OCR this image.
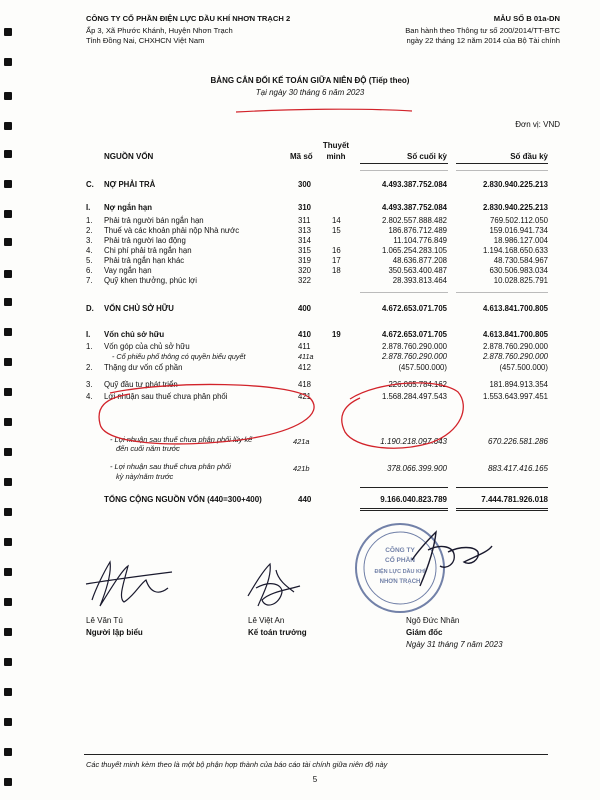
CÔNG TY CỔ PHẦN ĐIỆN LỰC DẦU KHÍ NHƠN TRẠCH 2
Ấp 3, Xã Phước Khánh, Huyện Nhơn Trạch
Tỉnh Đồng Nai, CHXHCN Việt Nam
MẪU SỐ B 01a-DN
Ban hành theo Thông tư số 200/2014/TT-BTC
ngày 22 tháng 12 năm 2014 của Bộ Tài chính
BẢNG CÂN ĐỐI KẾ TOÁN GIỮA NIÊN ĐỘ (Tiếp theo)
Tại ngày 30 tháng 6 năm 2023
Đơn vị: VND
NGUỒN VỐN	Mã số
Thuyết
minh	Số cuối kỳ	Số đầu kỳ
C.	NỢ PHẢI TRẢ	300	4.493.387.752.084	2.830.940.225.213
I.	Nợ ngắn hạn	310	4.493.387.752.084	2.830.940.225.213
1.	Phải trả người bán ngắn hạn	311	14	2.802.557.888.482	769.502.112.050
2.	Thuế và các khoản phải nộp Nhà nước	313	15	186.876.712.489	159.016.941.734
3.	Phải trả người lao động	314	11.104.776.849	18.986.127.004
4.	Chi phí phải trả ngắn hạn	315	16	1.065.254.283.105	1.194.168.650.633
5.	Phải trả ngắn hạn khác	319	17	48.636.877.208	48.730.584.967
6.	Vay ngắn hạn	320	18	350.563.400.487	630.506.983.034
7.	Quỹ khen thưởng, phúc lợi	322	28.393.813.464	10.028.825.791
D.	VỐN CHỦ SỞ HỮU	400	4.672.653.071.705	4.613.841.700.805
I.	Vốn chủ sở hữu	410	19	4.672.653.071.705	4.613.841.700.805
1.	Vốn góp của chủ sở hữu	411	2.878.760.290.000	2.878.760.290.000
- Cổ phiếu phổ thông có quyền biểu quyết	411a	2.878.760.290.000	2.878.760.290.000
2.	Thặng dư vốn cổ phần	412	(457.500.000)	(457.500.000)
3.	Quỹ đầu tư phát triển	418	226.065.784.162	181.894.913.354
4.	Lợi nhuận sau thuế chưa phân phối	421	1.568.284.497.543	1.553.643.997.451
- Lợi nhuận sau thuế chưa phân phối lũy kế
đến cuối năm trước
421a	1.190.218.097.643	670.226.581.286
- Lợi nhuận sau thuế chưa phân phối
kỳ này/năm trước
421b	378.066.399.900	883.417.416.165
TỔNG CỘNG NGUỒN VỐN (440=300+400)	440	9.166.040.823.789	7.444.781.926.018
CÔNG TY
CỔ PHẦN
ĐIỆN LỰC DẦU KHÍ
NHƠN TRẠCH
Lê Văn Tú
Người lập biểu
Lê Việt An
Kế toán trưởng
Ngô Đức Nhân
Giám đốc
Ngày 31 tháng 7 năm 2023
Các thuyết minh kèm theo là một bộ phận hợp thành của báo cáo tài chính giữa niên độ này
5
